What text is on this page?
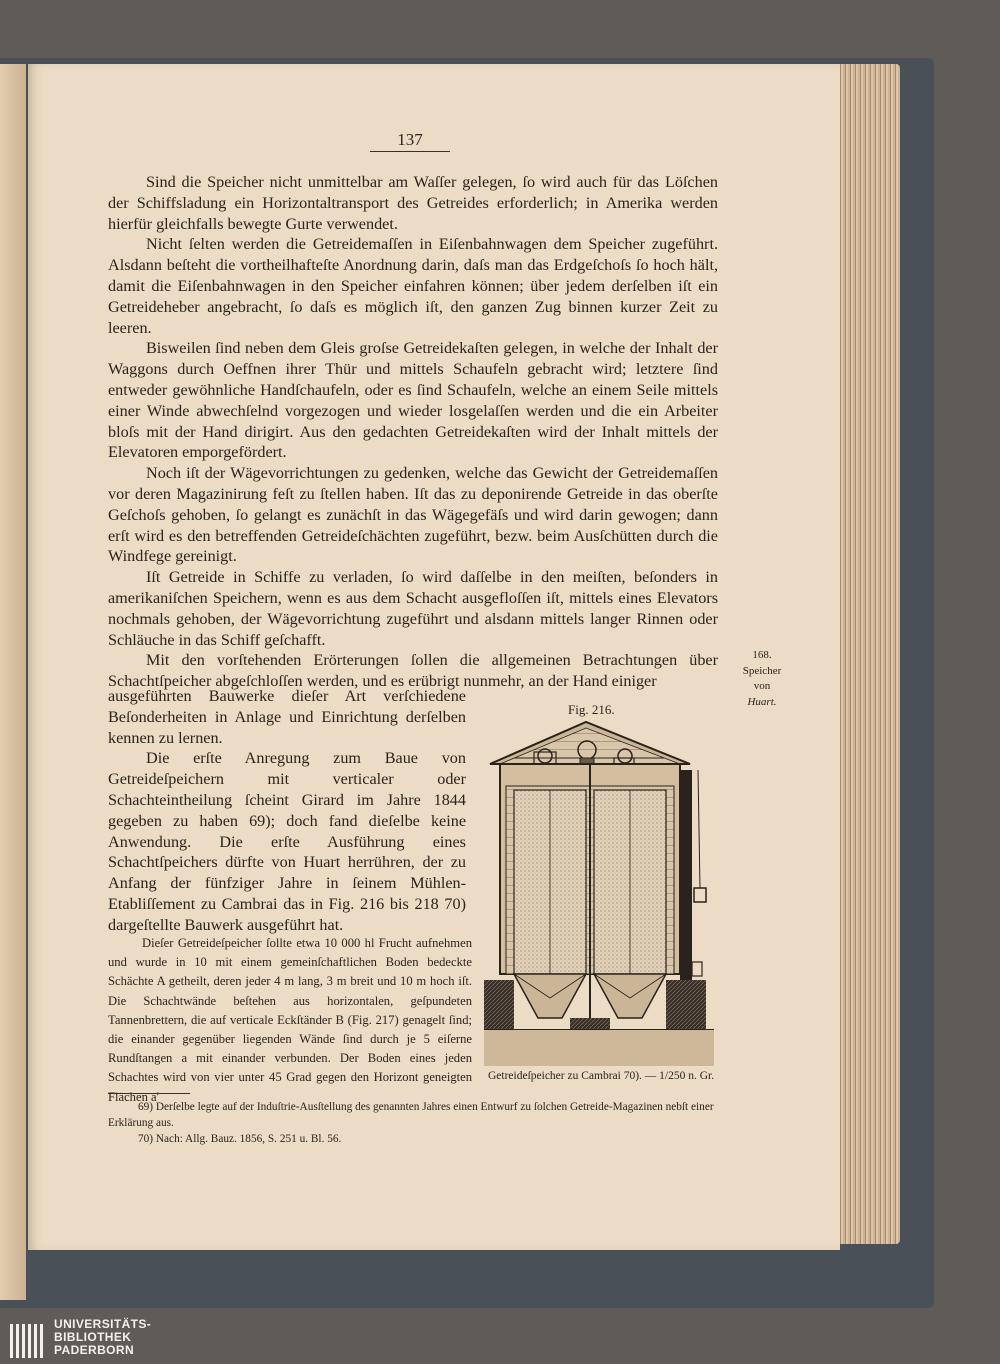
137

Sind die Speicher nicht unmittelbar am Waſſer gelegen, ſo wird auch für das Löſchen der Schiffsladung ein Horizontaltransport des Getreides erforderlich; in Amerika werden hierfür gleichfalls bewegte Gurte verwendet.

Nicht ſelten werden die Getreidemaſſen in Eiſenbahnwagen dem Speicher zugeführt. Alsdann beſteht die vortheilhafteſte Anordnung darin, daſs man das Erdgeſchoſs ſo hoch hält, damit die Eiſenbahnwagen in den Speicher einfahren können; über jedem derſelben iſt ein Getreideheber angebracht, ſo daſs es möglich iſt, den ganzen Zug binnen kurzer Zeit zu leeren.

Bisweilen ſind neben dem Gleis groſse Getreidekaſten gelegen, in welche der Inhalt der Waggons durch Oeffnen ihrer Thür und mittels Schaufeln gebracht wird; letztere ſind entweder gewöhnliche Handſchaufeln, oder es ſind Schaufeln, welche an einem Seile mittels einer Winde abwechſelnd vorgezogen und wieder losgelaſſen werden und die ein Arbeiter bloſs mit der Hand dirigirt. Aus den gedachten Getreidekaſten wird der Inhalt mittels der Elevatoren emporgefördert.

Noch iſt der Wägevorrichtungen zu gedenken, welche das Gewicht der Getreidemaſſen vor deren Magazinirung feſt zu ſtellen haben. Iſt das zu deponirende Getreide in das oberſte Geſchoſs gehoben, ſo gelangt es zunächſt in das Wägegefäſs und wird darin gewogen; dann erſt wird es den betreffenden Getreideſchächten zugeführt, bezw. beim Ausſchütten durch die Windfege gereinigt.

Iſt Getreide in Schiffe zu verladen, ſo wird daſſelbe in den meiſten, beſonders in amerikaniſchen Speichern, wenn es aus dem Schacht ausgefloſſen iſt, mittels eines Elevators nochmals gehoben, der Wägevorrichtung zugeführt und alsdann mittels langer Rinnen oder Schläuche in das Schiff geſchafft.

Mit den vorſtehenden Erörterungen ſollen die allgemeinen Betrachtungen über Schachtſpeicher abgeſchloſſen werden, und es erübrigt nunmehr, an der Hand einiger

ausgeführten Bauwerke dieſer Art verſchiedene Beſonderheiten in Anlage und Einrichtung derſelben kennen zu lernen.

Die erſte Anregung zum Baue von Getreideſpeichern mit verticaler oder Schachteintheilung ſcheint Girard im Jahre 1844 gegeben zu haben 69); doch fand dieſelbe keine Anwendung. Die erſte Ausführung eines Schachtſpeichers dürfte von Huart herrühren, der zu Anfang der fünfziger Jahre in ſeinem Mühlen-Etabliſſement zu Cambrai das in Fig. 216 bis 218 70) dargeſtellte Bauwerk ausgeführt hat.

Dieſer Getreideſpeicher ſollte etwa 10 000 hl Frucht aufnehmen und wurde in 10 mit einem gemeinſchaftlichen Boden bedeckte Schächte A getheilt, deren jeder 4 m lang, 3 m breit und 10 m hoch iſt. Die Schachtwände beſtehen aus horizontalen, geſpundeten Tannenbrettern, die auf verticale Eckſtänder B (Fig. 217) genagelt ſind; die einander gegenüber liegenden Wände ſind durch je 5 eiſerne Rundſtangen a mit einander verbunden. Der Boden eines jeden Schachtes wird von vier unter 45 Grad gegen den Horizont geneigten Flächen a'

168.
Speicher
von
Huart.
Fig. 216.
Getreideſpeicher zu Cambrai 70). — 1/250 n. Gr.

69) Derſelbe legte auf der Induſtrie-Ausſtellung des genannten Jahres einen Entwurf zu ſolchen Getreide-Magazinen nebſt einer Erklärung aus.

70) Nach: Allg. Bauz. 1856, S. 251 u. Bl. 56.

UNIVERSITÄTS-
BIBLIOTHEK
PADERBORN
